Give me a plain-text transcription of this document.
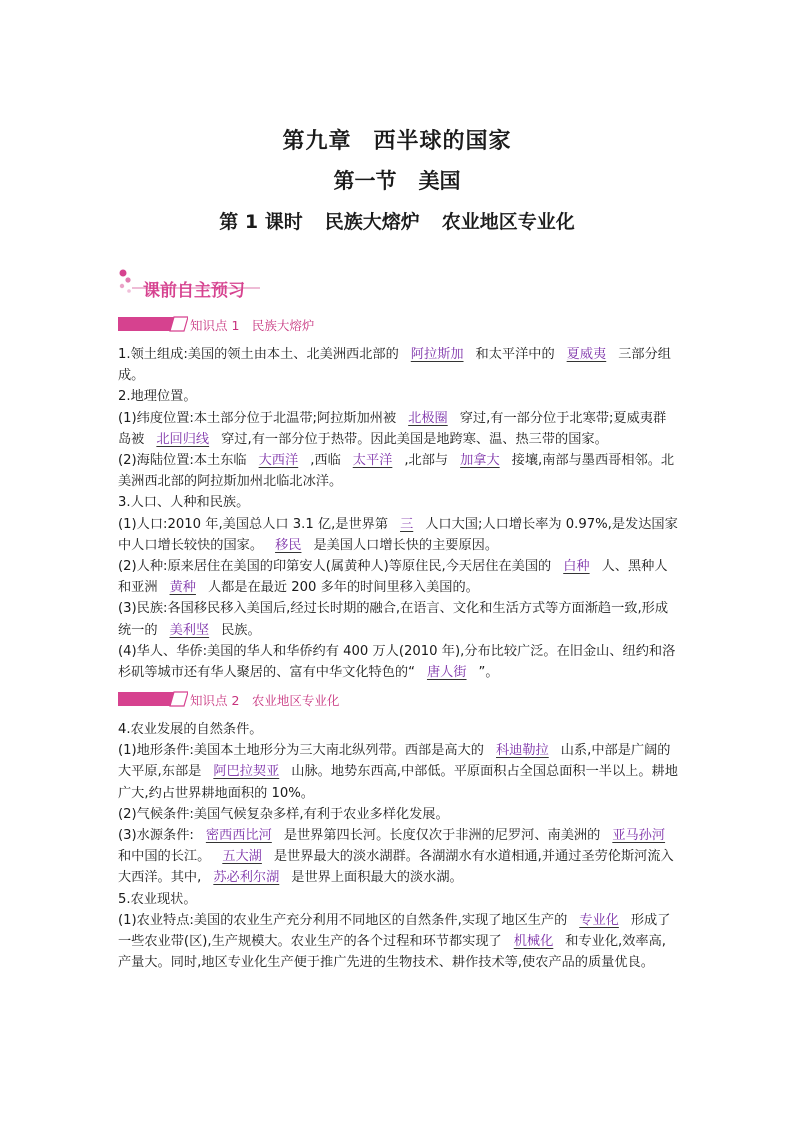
第九章 西半球的国家
第一节 美国
第 1 课时 民族大熔炉 农业地区专业化
课前自主预习
知识点 1　民族大熔炉

1.领土组成:美国的领土由本土、北美洲西北部的 阿拉斯加 和太平洋中的 夏威夷 三部分组成。

2.地理位置。

(1)纬度位置:本土部分位于北温带;阿拉斯加州被 北极圈 穿过,有一部分位于北寒带;夏威夷群岛被 北回归线 穿过,有一部分位于热带。因此美国是地跨寒、温、热三带的国家。

(2)海陆位置:本土东临 大西洋 ,西临 太平洋 ,北部与 加拿大 接壤,南部与墨西哥相邻。北美洲西北部的阿拉斯加州北临北冰洋。

3.人口、人种和民族。

(1)人口:2010 年,美国总人口 3.1 亿,是世界第 三 人口大国;人口增长率为 0.97%,是发达国家中人口增长较快的国家。 移民 是美国人口增长快的主要原因。

(2)人种:原来居住在美国的印第安人(属黄种人)等原住民,今天居住在美国的 白种 人、黑种人和亚洲 黄种 人都是在最近 200 多年的时间里移入美国的。

(3)民族:各国移民移入美国后,经过长时期的融合,在语言、文化和生活方式等方面渐趋一致,形成统一的 美利坚 民族。

(4)华人、华侨:美国的华人和华侨约有 400 万人(2010 年),分布比较广泛。在旧金山、纽约和洛杉矶等城市还有华人聚居的、富有中华文化特色的“ 唐人街 ”。

知识点 2　农业地区专业化

4.农业发展的自然条件。

(1)地形条件:美国本土地形分为三大南北纵列带。西部是高大的 科迪勒拉 山系,中部是广阔的大平原,东部是 阿巴拉契亚 山脉。地势东西高,中部低。平原面积占全国总面积一半以上。耕地广大,约占世界耕地面积的 10%。

(2)气候条件:美国气候复杂多样,有利于农业多样化发展。

(3)水源条件: 密西西比河 是世界第四长河。长度仅次于非洲的尼罗河、南美洲的 亚马孙河和中国的长江。 五大湖 是世界最大的淡水湖群。各湖湖水有水道相通,并通过圣劳伦斯河流入大西洋。其中, 苏必利尔湖 是世界上面积最大的淡水湖。

5.农业现状。

(1)农业特点:美国的农业生产充分利用不同地区的自然条件,实现了地区生产的 专业化 形成了一些农业带(区),生产规模大。农业生产的各个过程和环节都实现了 机械化 和专业化,效率高,产量大。同时,地区专业化生产便于推广先进的生物技术、耕作技术等,使农产品的质量优良。
